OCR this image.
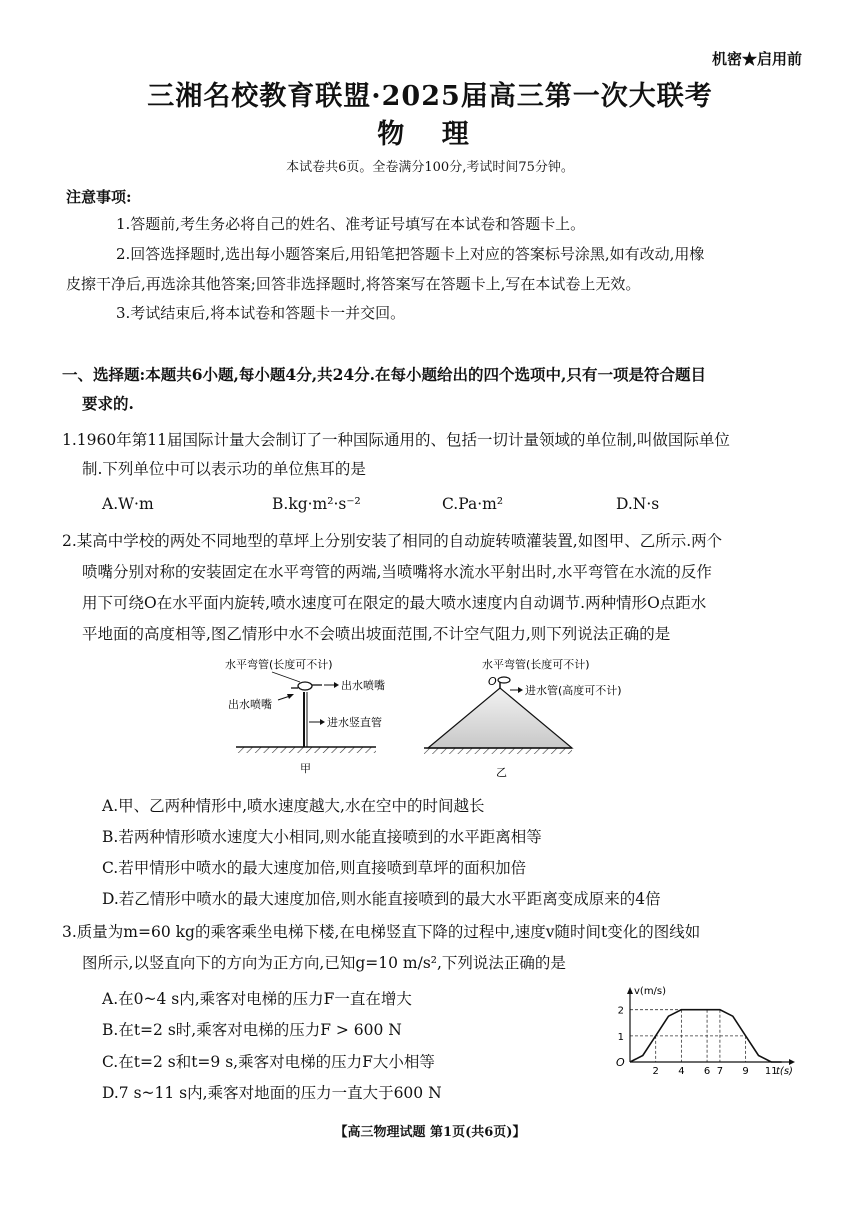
机密★启用前
三湘名校教育联盟·2025届高三第一次大联考
物 理
本试卷共6页。全卷满分100分,考试时间75分钟。
注意事项:
1.答题前,考生务必将自己的姓名、准考证号填写在本试卷和答题卡上。
2.回答选择题时,选出每小题答案后,用铅笔把答题卡上对应的答案标号涂黑,如有改动,用橡
皮擦干净后,再选涂其他答案;回答非选择题时,将答案写在答题卡上,写在本试卷上无效。
3.考试结束后,将本试卷和答题卡一并交回。
一、选择题:本题共6小题,每小题4分,共24分.在每小题给出的四个选项中,只有一项是符合题目
要求的.
1.1960年第11届国际计量大会制订了一种国际通用的、包括一切计量领域的单位制,叫做国际单位
制.下列单位中可以表示功的单位焦耳的是
A.W·m	B.kg·m²·s⁻²	C.Pa·m²	D.N·s
2.某高中学校的两处不同地型的草坪上分别安装了相同的自动旋转喷灌装置,如图甲、乙所示.两个
喷嘴分别对称的安装固定在水平弯管的两端,当喷嘴将水流水平射出时,水平弯管在水流的反作
用下可绕O在水平面内旋转,喷水速度可在限定的最大喷水速度内自动调节.两种情形O点距水
平地面的高度相等,图乙情形中水不会喷出坡面范围,不计空气阻力,则下列说法正确的是
水平弯管(长度可不计)
出水喷嘴
出水喷嘴
进水竖直管
甲
水平弯管(长度可不计)
O
进水管(高度可不计)
乙
A.甲、乙两种情形中,喷水速度越大,水在空中的时间越长
B.若两种情形喷水速度大小相同,则水能直接喷到的水平距离相等
C.若甲情形中喷水的最大速度加倍,则直接喷到草坪的面积加倍
D.若乙情形中喷水的最大速度加倍,则水能直接喷到的最大水平距离变成原来的4倍
3.质量为m=60 kg的乘客乘坐电梯下楼,在电梯竖直下降的过程中,速度v随时间t变化的图线如
图所示,以竖直向下的方向为正方向,已知g=10 m/s²,下列说法正确的是
A.在0~4 s内,乘客对电梯的压力F一直在增大
B.在t=2 s时,乘客对电梯的压力F > 600 N
C.在t=2 s和t=9 s,乘客对电梯的压力F大小相等
D.7 s~11 s内,乘客对地面的压力一直大于600 N
2 4 6 7 9 11
1
2
v(m/s)
t(s)
O
【高三物理试题 第1页(共6页)】
